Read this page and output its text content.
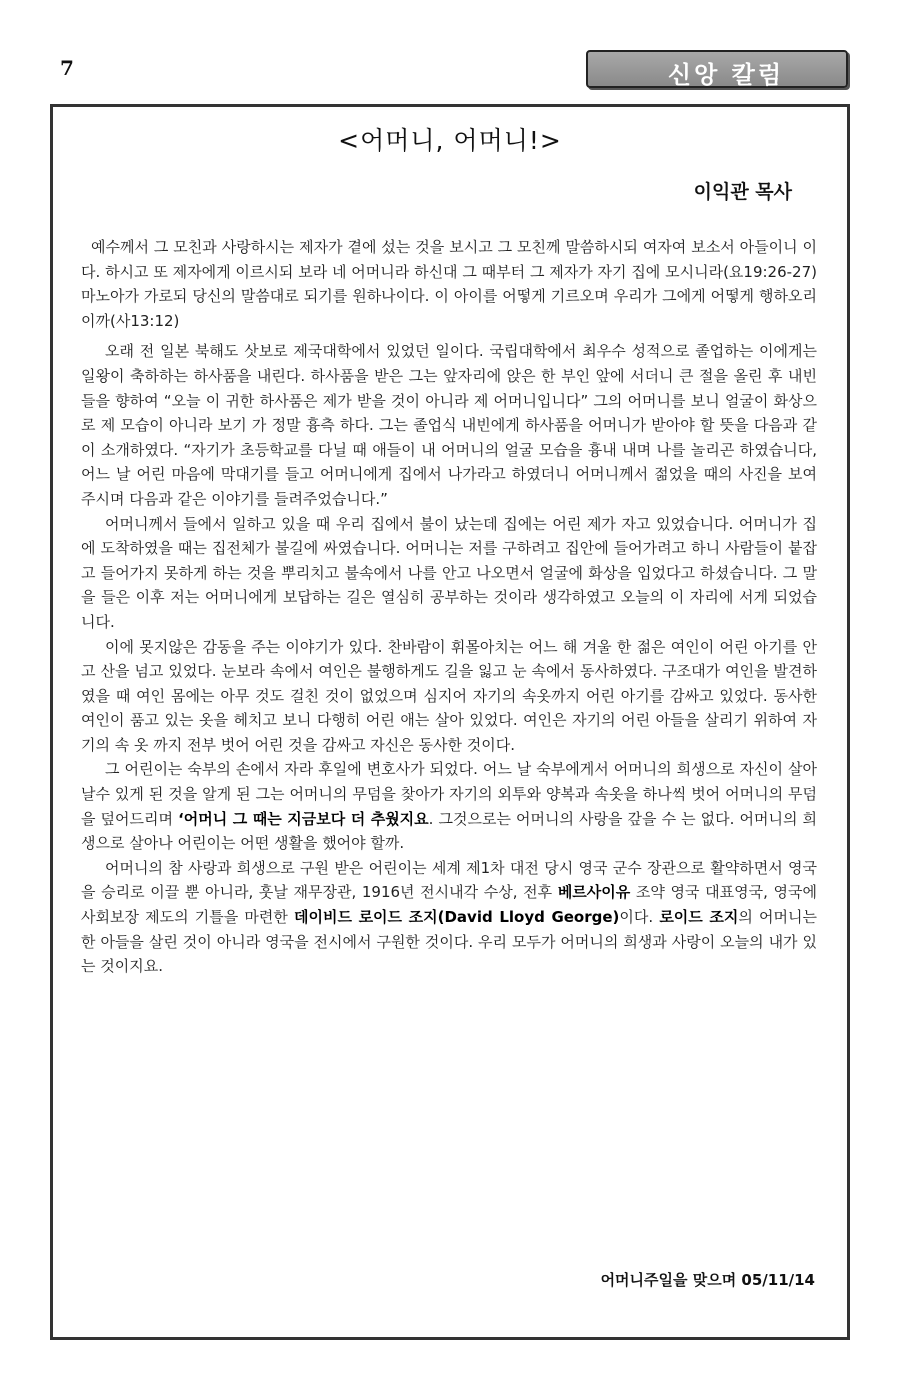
7	신앙 칼럼
<어머니, 어머니!>
이익관 목사

예수께서 그 모친과 사랑하시는 제자가 곁에 섰는 것을 보시고 그 모친께 말씀하시되 여자여 보소서 아들이니 이다. 하시고 또 제자에게 이르시되 보라 네 어머니라 하신대 그 때부터 그 제자가 자기 집에 모시니라(요19:26-27) 마노아가 가로되 당신의 말씀대로 되기를 원하나이다. 이 아이를 어떻게 기르오며 우리가 그에게 어떻게 행하오리이까(사13:12)

오래 전 일본 북해도 삿보로 제국대학에서 있었던 일이다. 국립대학에서 최우수 성적으로 졸업하는 이에게는 일왕이 축하하는 하사품을 내린다. 하사품을 받은 그는 앞자리에 앉은 한 부인 앞에 서더니 큰 절을 올린 후 내빈들을 향하여 “오늘 이 귀한 하사품은 제가 받을 것이 아니라 제 어머니입니다” 그의 어머니를 보니 얼굴이 화상으로 제 모습이 아니라 보기 가 정말 흉측 하다. 그는 졸업식 내빈에게 하사품을 어머니가 받아야 할 뜻을 다음과 같이 소개하였다. “자기가 초등학교를 다닐 때 애들이 내 어머니의 얼굴 모습을 흉내 내며 나를 놀리곤 하였습니다, 어느 날 어린 마음에 막대기를 들고 어머니에게 집에서 나가라고 하였더니 어머니께서 젊었을 때의 사진을 보여 주시며 다음과 같은 이야기를 들려주었습니다.”

어머니께서 들에서 일하고 있을 때 우리 집에서 불이 났는데 집에는 어린 제가 자고 있었습니다. 어머니가 집에 도착하였을 때는 집전체가 불길에 싸였습니다. 어머니는 저를 구하려고 집안에 들어가려고 하니 사람들이 붙잡고 들어가지 못하게 하는 것을 뿌리치고 불속에서 나를 안고 나오면서 얼굴에 화상을 입었다고 하셨습니다. 그 말을 들은 이후 저는 어머니에게 보답하는 길은 열심히 공부하는 것이라 생각하였고 오늘의 이 자리에 서게 되었습니다.

이에 못지않은 감동을 주는 이야기가 있다. 찬바람이 휘몰아치는 어느 해 겨울 한 젊은 여인이 어린 아기를 안고 산을 넘고 있었다. 눈보라 속에서 여인은 불행하게도 길을 잃고 눈 속에서 동사하였다. 구조대가 여인을 발견하였을 때 여인 몸에는 아무 것도 걸친 것이 없었으며 심지어 자기의 속옷까지 어린 아기를 감싸고 있었다. 동사한 여인이 품고 있는 옷을 헤치고 보니 다행히 어린 애는 살아 있었다. 여인은 자기의 어린 아들을 살리기 위하여 자기의 속 옷 까지 전부 벗어 어린 것을 감싸고 자신은 동사한 것이다.

그 어린이는 숙부의 손에서 자라 후일에 변호사가 되었다. 어느 날 숙부에게서 어머니의 희생으로 자신이 살아 날수 있게 된 것을 알게 된 그는 어머니의 무덤을 찾아가 자기의 외투와 양복과 속옷을 하나씩 벗어 어머니의 무덤을 덮어드리며 ‘어머니 그 때는 지금보다 더 추웠지요. 그것으로는 어머니의 사랑을 갚을 수 는 없다. 어머니의 희생으로 살아나 어린이는 어떤 생활을 했어야 할까.

어머니의 참 사랑과 희생으로 구원 받은 어린이는 세계 제1차 대전 당시 영국 군수 장관으로 활약하면서 영국을 승리로 이끌 뿐 아니라, 훗날 재무장관, 1916년 전시내각 수상, 전후 베르사이유 조약 영국 대표영국, 영국에 사회보장 제도의 기틀을 마련한 데이비드 로이드 조지(David Lloyd George)이다. 로이드 조지의 어머니는 한 아들을 살린 것이 아니라 영국을 전시에서 구원한 것이다. 우리 모두가 어머니의 희생과 사랑이 오늘의 내가 있는 것이지요.

어머니주일을 맞으며 05/11/14
